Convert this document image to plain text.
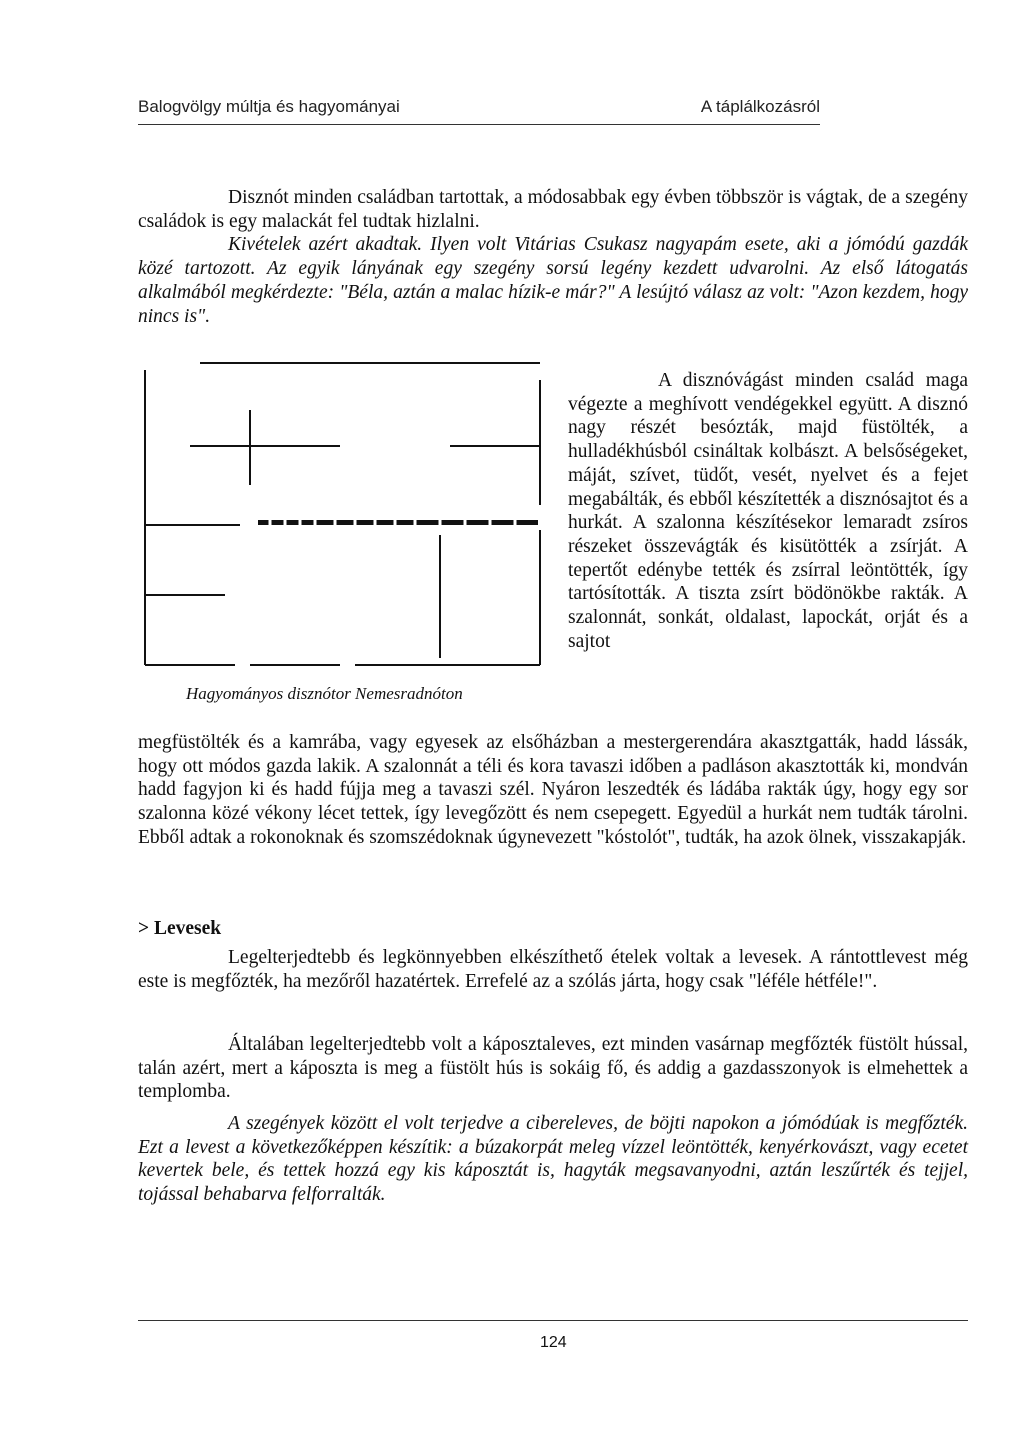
Balogvölgy múltja és hagyományai	A táplálkozásról
Disznót minden családban tartottak, a módosabbak egy évben többször is vágtak, de a szegény családok is egy malackát fel tudtak hizlalni.
Kivételek azért akadtak. Ilyen volt Vitárias Csukasz nagyapám esete, aki a jómódú gazdák közé tartozott. Az egyik lányának egy szegény sorsú legény kezdett udvarolni. Az első látogatás alkalmából megkérdezte: "Béla, aztán a malac hízik-e már?" A lesújtó válasz az volt: "Azon kezdem, hogy nincs is".
Hagyományos disznótor Nemesradnóton
A disznóvágást minden család maga végezte a meghívott vendégekkel együtt. A disznó nagy részét besózták, majd füstölték, a hulladékhúsból csináltak kolbászt. A belsőségeket, máját, szívet, tüdőt, vesét, nyelvet és a fejet megabálták, és ebből készítették a disznósajtot és a hurkát. A szalonna készítésekor lemaradt zsíros részeket összevágták és kisütötték a zsírját. A tepertőt edénybe tették és zsírral leöntötték, így tartósították. A tiszta zsírt bödönökbe rakták. A szalonnát, sonkát, oldalast, lapockát, orját és a sajtot
megfüstölték és a kamrába, vagy egyesek az elsőházban a mestergerendára akasztgatták, hadd lássák, hogy ott módos gazda lakik. A szalonnát a téli és kora tavaszi időben a padláson akasztották ki, mondván hadd fagyjon ki és hadd fújja meg a tavaszi szél. Nyáron leszedték és ládába rakták úgy, hogy egy sor szalonna közé vékony lécet tettek, így levegőzött és nem csepegett. Egyedül a hurkát nem tudták tárolni. Ebből adtak a rokonoknak és szomszédoknak úgynevezett "kóstolót", tudták, ha azok ölnek, visszakapják.
> Levesek
Legelterjedtebb és legkönnyebben elkészíthető ételek voltak a levesek. A rántottlevest még este is megfőzték, ha mezőről hazatértek. Errefelé az a szólás járta, hogy csak "léféle hétféle!".
Általában legelterjedtebb volt a káposztaleves, ezt minden vasárnap megfőzték füstölt hússal, talán azért, mert a káposzta is meg a füstölt hús is sokáig fő, és addig a gazdasszonyok is elmehettek a templomba.
A szegények között el volt terjedve a cibereleves, de böjti napokon a jómódúak is megfőzték. Ezt a levest a következőképpen készítik: a búzakorpát meleg vízzel leöntötték, kenyérkovászt, vagy ecetet kevertek bele, és tettek hozzá egy kis káposztát is, hagyták megsavanyodni, aztán leszűrték és tejjel, tojással behabarva felforralták.
124
